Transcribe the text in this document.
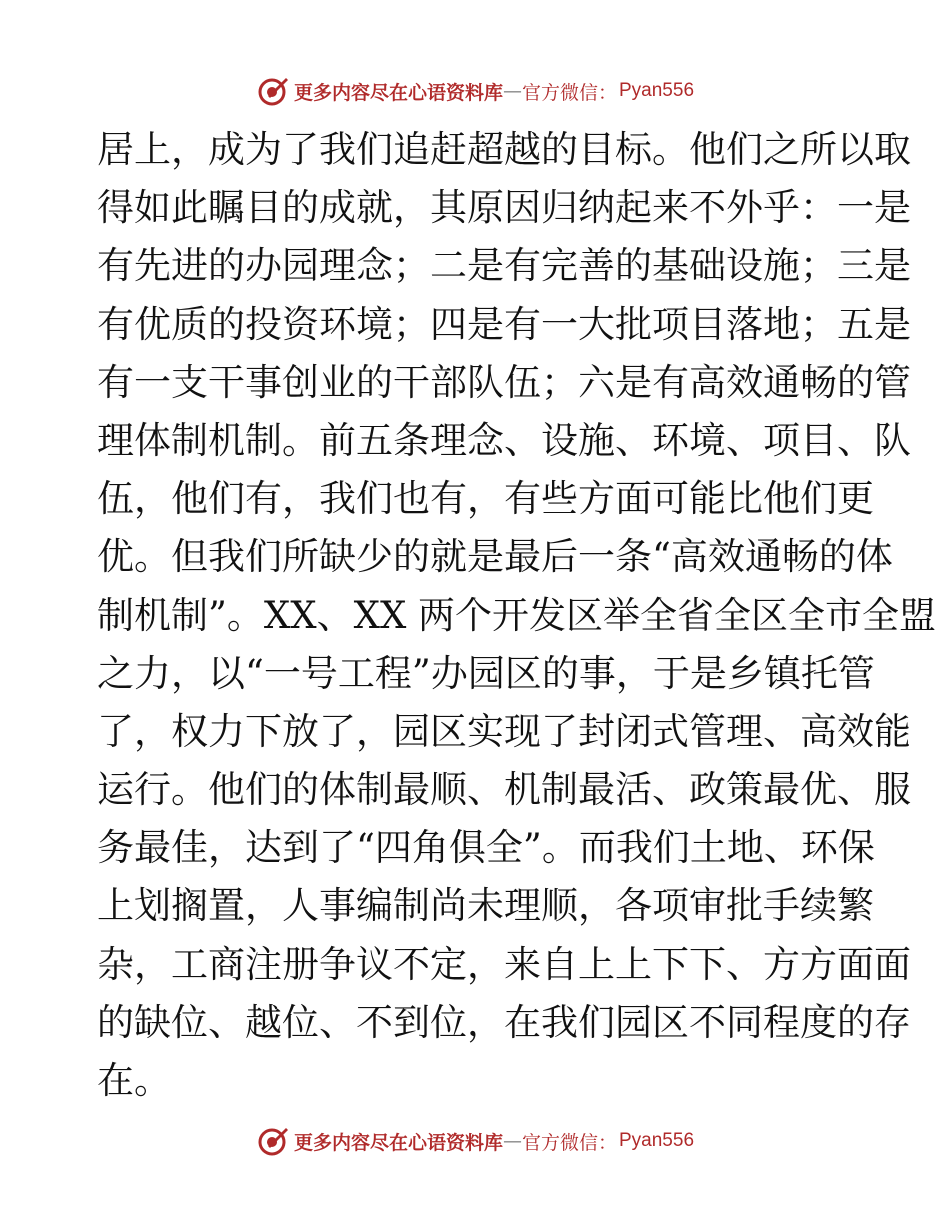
更多内容尽在心语资料库 — 官方微信： Pyan556
居上，成为了我们追赶超越的目标。他们之所以取
得如此瞩目的成就，其原因归纳起来不外乎：一是
有先进的办园理念；二是有完善的基础设施；三是
有优质的投资环境；四是有一大批项目落地；五是
有一支干事创业的干部队伍；六是有高效通畅的管
理体制机制。前五条理念、设施、环境、项目、队
伍，他们有，我们也有，有些方面可能比他们更
优。但我们所缺少的就是最后一条“高效通畅的体
制机制”。XX、XX 两个开发区举全省全区全市全盟
之力，以“一号工程”办园区的事，于是乡镇托管
了，权力下放了，园区实现了封闭式管理、高效能
运行。他们的体制最顺、机制最活、政策最优、服
务最佳，达到了“四角俱全”。而我们土地、环保
上划搁置，人事编制尚未理顺，各项审批手续繁
杂，工商注册争议不定，来自上上下下、方方面面
的缺位、越位、不到位，在我们园区不同程度的存
在。
更多内容尽在心语资料库 — 官方微信： Pyan556
